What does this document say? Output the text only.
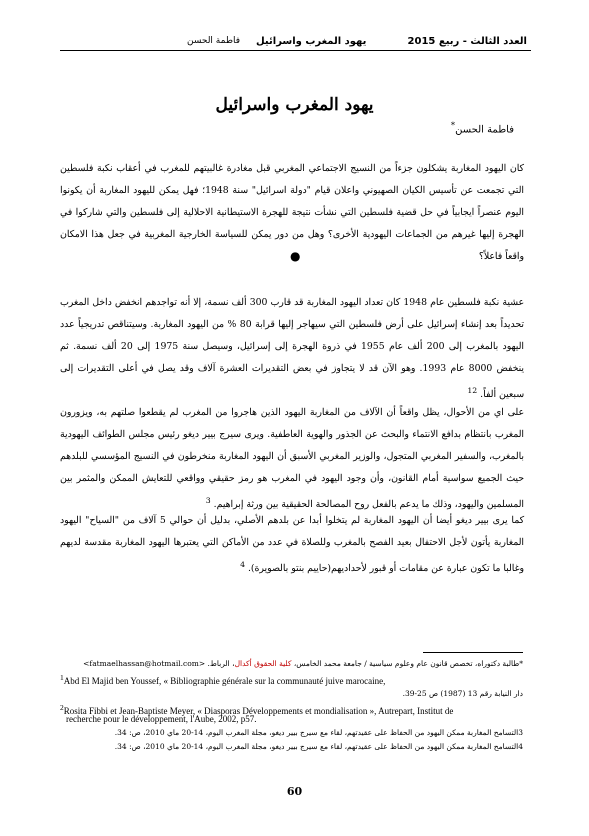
العدد الثالث - ربيع 2015
يهود المغرب واسرائيل
فاطمة الحسن
يهود المغرب واسرائيل
فاطمة الحسن*
كان اليهود المغاربة يشكلون جزءاً من النسيج الاجتماعي المغربي قبل مغادرة غالبيتهم للمغرب في أعقاب نكبة فلسطين التي تجمعت عن تأسيس الكيان الصهيوني واعلان قيام "دولة اسرائيل" سنة 1948؛ فهل يمكن لليهود المغاربة أن يكونوا اليوم عنصراً ايجابياً في حل قضية فلسطين التي نشأت نتيجة للهجرة الاستيطانية الاحلالية إلى فلسطين والتي شاركوا في الهجرة إليها غيرهم من الجماعات اليهودية الأخرى؟ وهل من دور يمكن للسياسة الخارجية المغربية في جعل هذا الامكان واقعاً فاعلاً؟
●
عشية نكبة فلسطين عام 1948 كان تعداد اليهود المغاربة قد قارب 300 ألف نسمة، إلا أنه تواجدهم انخفض داخل المغرب تحديداً بعد إنشاء إسرائيل على أرض فلسطين التي سيهاجر إليها قرابة 80 % من اليهود المغاربة. وسيتناقص تدريجياً عدد اليهود بالمغرب إلى 200 ألف عام 1955 في ذروة الهجرة إلى إسرائيل، وسيصل سنة 1975 إلى 20 ألف نسمة. ثم ينخفض 8000 عام 1993. وهو الآن قد لا يتجاوز في بعض التقديرات العشرة آلاف وقد يصل في أعلى التقديرات إلى سبعين ألفاً. $^{12}$
على اي من الأحوال، يظل واقعاً أن الآلاف من المغاربة اليهود الذين هاجروا من المغرب لم يقطعوا صلتهم به، ويزورون المغرب بانتظام بدافع الانتماء والبحث عن الجذور والهوية العاطفية. ويرى سيرج بيير ديغو رئيس مجلس الطوائف اليهودية بالمغرب، والسفير المغربي المتجول، والوزير المغربي الأسبق أن اليهود المغاربة منخرطون في النسيج المؤسسي للبلدهم حيث الجميع سواسية أمام القانون، وأن وجود اليهود في المغرب هو رمز حقيقي وواقعي للتعايش الممكن والمثمر بين المسلمين واليهود، وذلك ما يدعم بالفعل روح المصالحة الحقيقية بين ورثة إبراهيم. $^3$
كما يرى بيير ديغو أيضا أن اليهود المغاربة لم يتخلوا أبدا عن بلدهم الأصلي، بدليل أن حوالي 5 آلاف من "السياح" اليهود المغاربة يأتون لأجل الاحتفال بعيد الفصح بالمغرب وللصلاة في عدد من الأماكن التي يعتبرها اليهود المغاربة مقدسة لديهم وغالبا ما تكون عبارة عن مقامات أو قبور لأحداديهم(حاييم بنتو بالصويرة). $^4$
*طالبة دكتوراه، تخصص قانون عام وعلوم سياسية / جامعة محمد الخامس، كلية الحقوق أكدال، الرباط. <fatmaelhassan@hotmail.com>
$^1$Abd El Majid ben Youssef, « Bibliographie générale sur la communauté juive marocaine,
دار النيابة رقم 13 (1987) ص 25-39.
$^2$Rosita Fibbi et Jean-Baptiste Meyer, « Diasporas Développements et mondialisation », Autrepart, Institut de
recherche pour le développement, l'Aube, 2002, p57.
3التسامح المغاربة ممكن اليهود من الحفاظ على عقيدتهم، لقاء مع سيرج بيير ديغو، مجلة المغرب اليوم، 14-20 ماي 2010، ص: 34.
4التسامح المغاربة ممكن اليهود من الحفاظ على عقيدتهم، لقاء مع سيرج بيير ديغو، مجلة المغرب اليوم، 14-20 ماي 2010، ص: 34.
60
